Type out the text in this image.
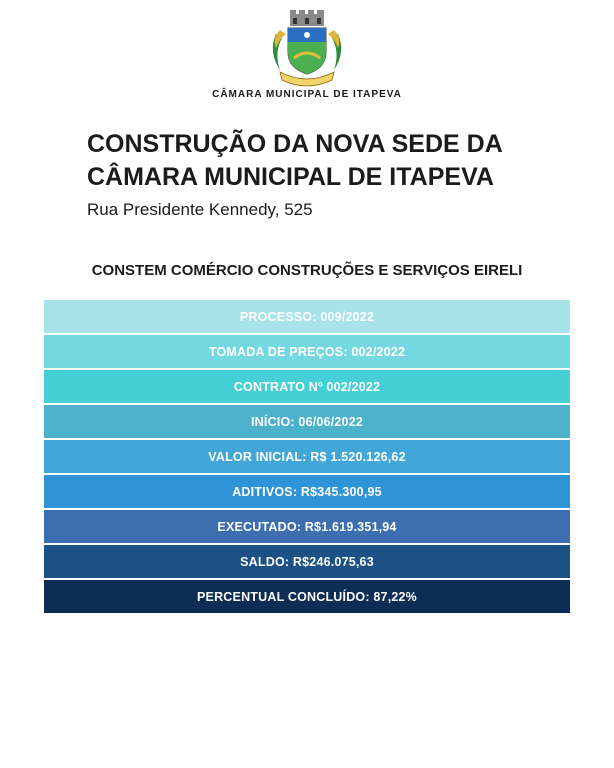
CÂMARA MUNICIPAL DE ITAPEVA
CONSTRUÇÃO DA NOVA SEDE DA
CÂMARA MUNICIPAL DE ITAPEVA
Rua Presidente Kennedy, 525
CONSTEM COMÉRCIO CONSTRUÇÕES E SERVIÇOS EIRELI
PROCESSO: 009/2022
TOMADA DE PREÇOS: 002/2022
CONTRATO Nº 002/2022
INÍCIO: 06/06/2022
VALOR INICIAL: R$ 1.520.126,62
ADITIVOS: R$345.300,95
EXECUTADO: R$1.619.351,94
SALDO: R$246.075,63
PERCENTUAL CONCLUÍDO: 87,22%
